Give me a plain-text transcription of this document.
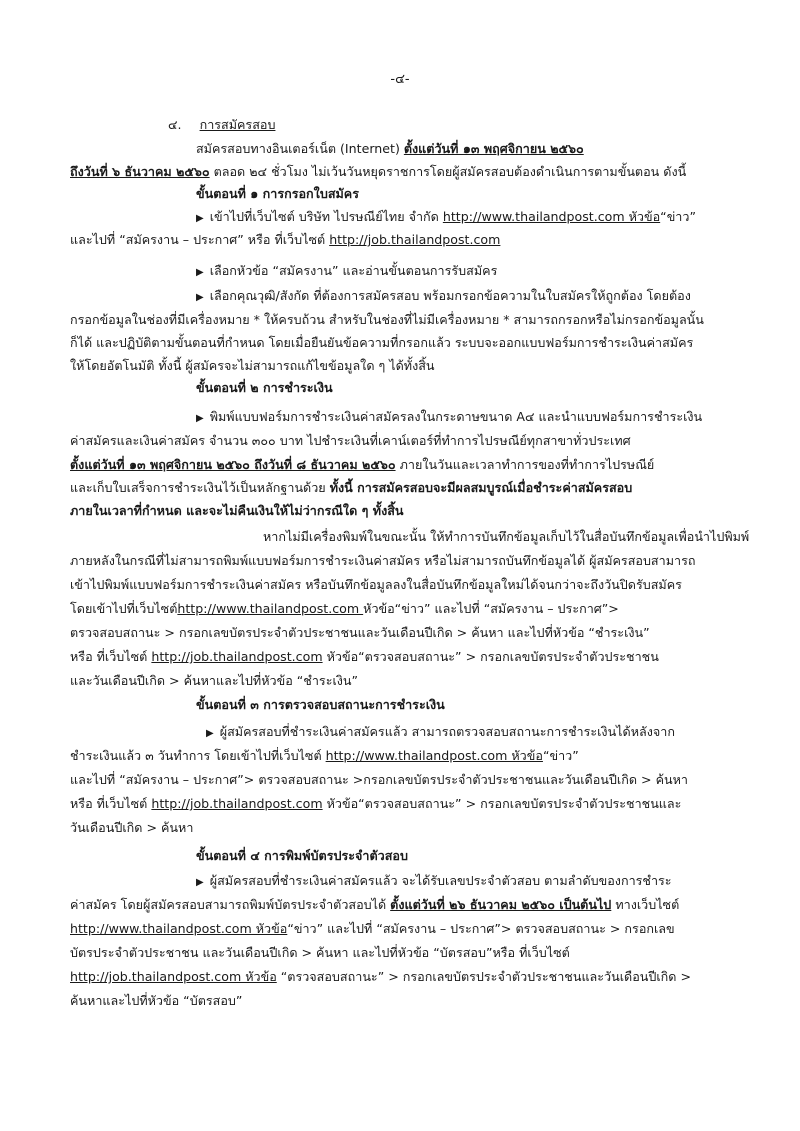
-๔-
๔. การสมัครสอบ
สมัครสอบทางอินเตอร์เน็ต (Internet) ตั้งแต่วันที่ ๑๓ พฤศจิกายน ๒๕๖๐
ถึงวันที่ ๖ ธันวาคม ๒๕๖๐ ตลอด ๒๔ ชั่วโมง ไม่เว้นวันหยุดราชการโดยผู้สมัครสอบต้องดำเนินการตามขั้นตอน ดังนี้
ขั้นตอนที่ ๑ การกรอกใบสมัคร
▶ เข้าไปที่เว็บไซต์ บริษัท ไปรษณีย์ไทย จำกัด http://www.thailandpost.com หัวข้อ“ข่าว”
และไปที่ “สมัครงาน – ประกาศ” หรือ ที่เว็บไซต์ http://job.thailandpost.com
▶ เลือกหัวข้อ “สมัครงาน” และอ่านขั้นตอนการรับสมัคร
▶ เลือกคุณวุฒิ/สังกัด ที่ต้องการสมัครสอบ พร้อมกรอกข้อความในใบสมัครให้ถูกต้อง โดยต้อง
กรอกข้อมูลในช่องที่มีเครื่องหมาย * ให้ครบถ้วน สำหรับในช่องที่ไม่มีเครื่องหมาย * สามารถกรอกหรือไม่กรอกข้อมูลนั้น
ก็ได้ และปฏิบัติตามขั้นตอนที่กำหนด โดยเมื่อยืนยันข้อความที่กรอกแล้ว ระบบจะออกแบบฟอร์มการชำระเงินค่าสมัคร
ให้โดยอัตโนมัติ ทั้งนี้ ผู้สมัครจะไม่สามารถแก้ไขข้อมูลใด ๆ ได้ทั้งสิ้น
ขั้นตอนที่ ๒ การชำระเงิน
▶ พิมพ์แบบฟอร์มการชำระเงินค่าสมัครลงในกระดาษขนาด A๔ และนำแบบฟอร์มการชำระเงิน
ค่าสมัครและเงินค่าสมัคร จำนวน ๓๐๐ บาท ไปชำระเงินที่เคาน์เตอร์ที่ทำการไปรษณีย์ทุกสาขาทั่วประเทศ
ตั้งแต่วันที่ ๑๓ พฤศจิกายน ๒๕๖๐ ถึงวันที่ ๘ ธันวาคม ๒๕๖๐ ภายในวันและเวลาทำการของที่ทำการไปรษณีย์
และเก็บใบเสร็จการชำระเงินไว้เป็นหลักฐานด้วย ทั้งนี้ การสมัครสอบจะมีผลสมบูรณ์เมื่อชำระค่าสมัครสอบ
ภายในเวลาที่กำหนด และจะไม่คืนเงินให้ไม่ว่ากรณีใด ๆ ทั้งสิ้น
หากไม่มีเครื่องพิมพ์ในขณะนั้น ให้ทำการบันทึกข้อมูลเก็บไว้ในสื่อบันทึกข้อมูลเพื่อนำไปพิมพ์
ภายหลังในกรณีที่ไม่สามารถพิมพ์แบบฟอร์มการชำระเงินค่าสมัคร หรือไม่สามารถบันทึกข้อมูลได้ ผู้สมัครสอบสามารถ
เข้าไปพิมพ์แบบฟอร์มการชำระเงินค่าสมัคร หรือบันทึกข้อมูลลงในสื่อบันทึกข้อมูลใหม่ได้จนกว่าจะถึงวันปิดรับสมัคร
โดยเข้าไปที่เว็บไซต์http://www.thailandpost.com หัวข้อ“ข่าว” และไปที่ “สมัครงาน – ประกาศ”>
ตรวจสอบสถานะ > กรอกเลขบัตรประจำตัวประชาชนและวันเดือนปีเกิด > ค้นหา และไปที่หัวข้อ “ชำระเงิน”
หรือ ที่เว็บไซต์ http://job.thailandpost.com หัวข้อ“ตรวจสอบสถานะ” > กรอกเลขบัตรประจำตัวประชาชน
และวันเดือนปีเกิด > ค้นหาและไปที่หัวข้อ “ชำระเงิน”
ขั้นตอนที่ ๓ การตรวจสอบสถานะการชำระเงิน
▶ ผู้สมัครสอบที่ชำระเงินค่าสมัครแล้ว สามารถตรวจสอบสถานะการชำระเงินได้หลังจาก
ชำระเงินแล้ว ๓ วันทำการ โดยเข้าไปที่เว็บไซต์ http://www.thailandpost.com หัวข้อ“ข่าว”
และไปที่ “สมัครงาน – ประกาศ”> ตรวจสอบสถานะ >กรอกเลขบัตรประจำตัวประชาชนและวันเดือนปีเกิด > ค้นหา
หรือ ที่เว็บไซต์ http://job.thailandpost.com หัวข้อ“ตรวจสอบสถานะ” > กรอกเลขบัตรประจำตัวประชาชนและ
วันเดือนปีเกิด > ค้นหา
ขั้นตอนที่ ๔ การพิมพ์บัตรประจำตัวสอบ
▶ ผู้สมัครสอบที่ชำระเงินค่าสมัครแล้ว จะได้รับเลขประจำตัวสอบ ตามลำดับของการชำระ
ค่าสมัคร โดยผู้สมัครสอบสามารถพิมพ์บัตรประจำตัวสอบได้ ตั้งแต่วันที่ ๒๖ ธันวาคม ๒๕๖๐ เป็นต้นไป ทางเว็บไซต์
http://www.thailandpost.com หัวข้อ“ข่าว” และไปที่ “สมัครงาน – ประกาศ”> ตรวจสอบสถานะ > กรอกเลข
บัตรประจำตัวประชาชน และวันเดือนปีเกิด > ค้นหา และไปที่หัวข้อ “บัตรสอบ”หรือ ที่เว็บไซต์
http://job.thailandpost.com หัวข้อ “ตรวจสอบสถานะ” > กรอกเลขบัตรประจำตัวประชาชนและวันเดือนปีเกิด >
ค้นหาและไปที่หัวข้อ “บัตรสอบ”
